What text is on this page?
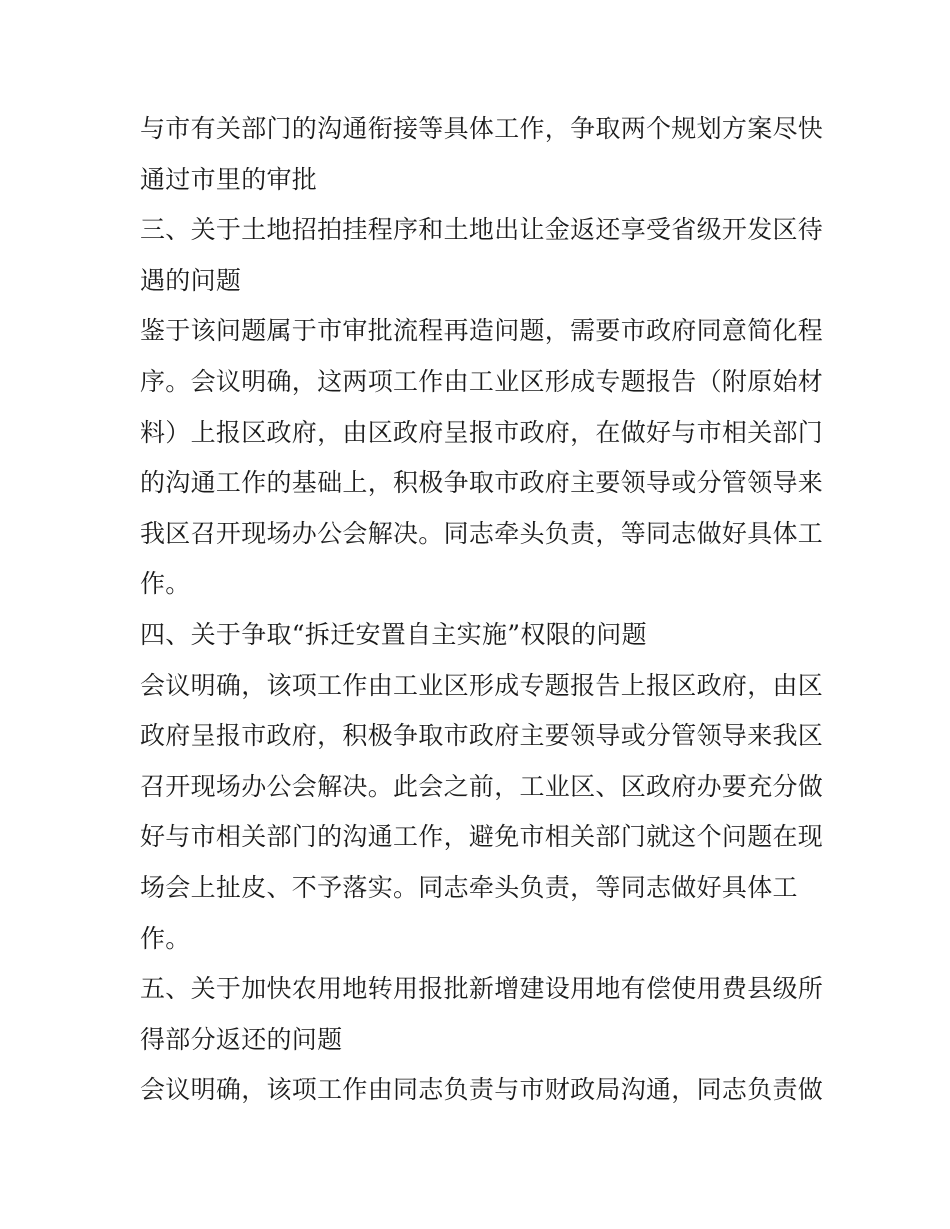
与市有关部门的沟通衔接等具体工作，争取两个规划方案尽快
通过市里的审批
三、关于土地招拍挂程序和土地出让金返还享受省级开发区待
遇的问题
鉴于该问题属于市审批流程再造问题，需要市政府同意简化程
序。会议明确，这两项工作由工业区形成专题报告（附原始材
料）上报区政府，由区政府呈报市政府，在做好与市相关部门
的沟通工作的基础上，积极争取市政府主要领导或分管领导来
我区召开现场办公会解决。同志牵头负责，等同志做好具体工
作。
四、关于争取“拆迁安置自主实施”权限的问题
会议明确，该项工作由工业区形成专题报告上报区政府，由区
政府呈报市政府，积极争取市政府主要领导或分管领导来我区
召开现场办公会解决。此会之前，工业区、区政府办要充分做
好与市相关部门的沟通工作，避免市相关部门就这个问题在现
场会上扯皮、不予落实。同志牵头负责，等同志做好具体工
作。
五、关于加快农用地转用报批新增建设用地有偿使用费县级所
得部分返还的问题
会议明确，该项工作由同志负责与市财政局沟通，同志负责做
